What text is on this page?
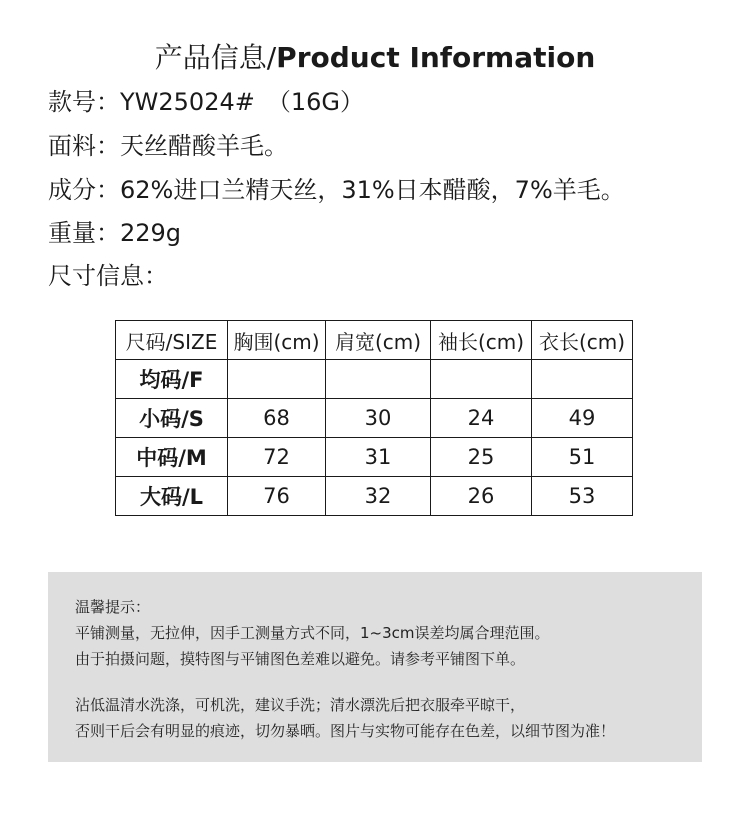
产品信息/Product Information
款号：YW25024#　（16G）
面料：天丝醋酸羊毛。
成分：62%进口兰精天丝，31%日本醋酸，7%羊毛。
重量：229g
尺寸信息：
尺码/SIZE	胸围(cm)	肩宽(cm)	袖长(cm)	衣长(cm)
均码/F				
小码/S	68	30	24	49
中码/M	72	31	25	51
大码/L	76	32	26	53

温馨提示：

平铺测量，无拉伸，因手工测量方式不同，1~3cm误差均属合理范围。

由于拍摄问题，摸特图与平铺图色差难以避免。请参考平铺图下单。

沾低温清水洗涤，可机洗，建议手洗；清水漂洗后把衣服牵平晾干，

否则干后会有明显的痕迹，切勿暴晒。图片与实物可能存在色差，以细节图为准！
